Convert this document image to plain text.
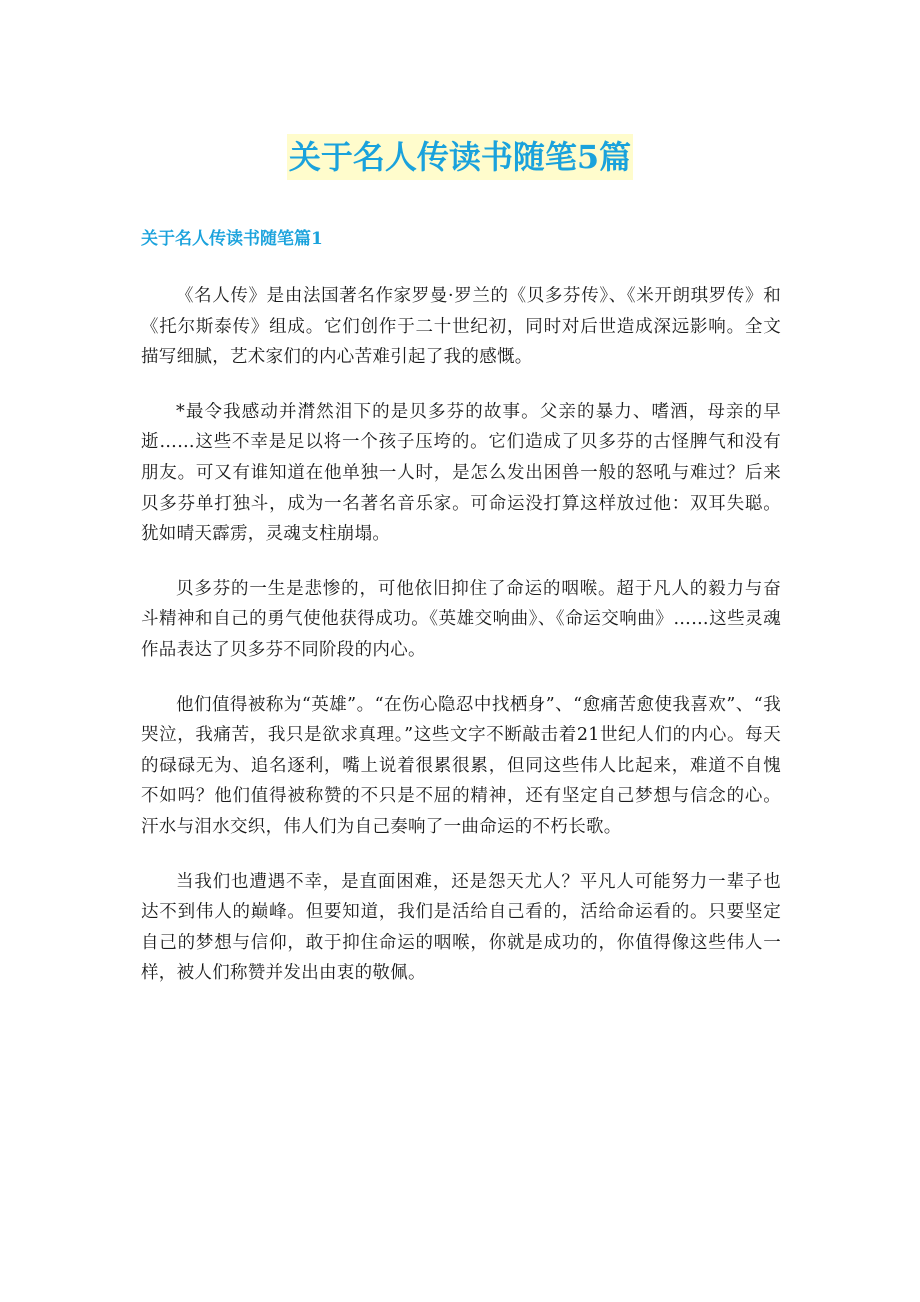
关于名人传读书随笔5篇
关于名人传读书随笔篇1

《名人传》是由法国著名作家罗曼·罗兰的《贝多芬传》、《米开朗琪罗传》和《托尔斯泰传》组成。它们创作于二十世纪初，同时对后世造成深远影响。全文描写细腻，艺术家们的内心苦难引起了我的感慨。

*最令我感动并潸然泪下的是贝多芬的故事。父亲的暴力、嗜酒，母亲的早逝……这些不幸是足以将一个孩子压垮的。它们造成了贝多芬的古怪脾气和没有朋友。可又有谁知道在他单独一人时，是怎么发出困兽一般的怒吼与难过？后来贝多芬单打独斗，成为一名著名音乐家。可命运没打算这样放过他：双耳失聪。犹如晴天霹雳，灵魂支柱崩塌。

贝多芬的一生是悲惨的，可他依旧抑住了命运的咽喉。超于凡人的毅力与奋斗精神和自己的勇气使他获得成功。《英雄交响曲》、《命运交响曲》……这些灵魂作品表达了贝多芬不同阶段的内心。

他们值得被称为“英雄”。“在伤心隐忍中找栖身”、“愈痛苦愈使我喜欢”、“我哭泣，我痛苦，我只是欲求真理。”这些文字不断敲击着21世纪人们的内心。每天的碌碌无为、追名逐利，嘴上说着很累很累，但同这些伟人比起来，难道不自愧不如吗？他们值得被称赞的不只是不屈的精神，还有坚定自己梦想与信念的心。汗水与泪水交织，伟人们为自己奏响了一曲命运的不朽长歌。

当我们也遭遇不幸，是直面困难，还是怨天尤人？平凡人可能努力一辈子也达不到伟人的巅峰。但要知道，我们是活给自己看的，活给命运看的。只要坚定自己的梦想与信仰，敢于抑住命运的咽喉，你就是成功的，你值得像这些伟人一样，被人们称赞并发出由衷的敬佩。
